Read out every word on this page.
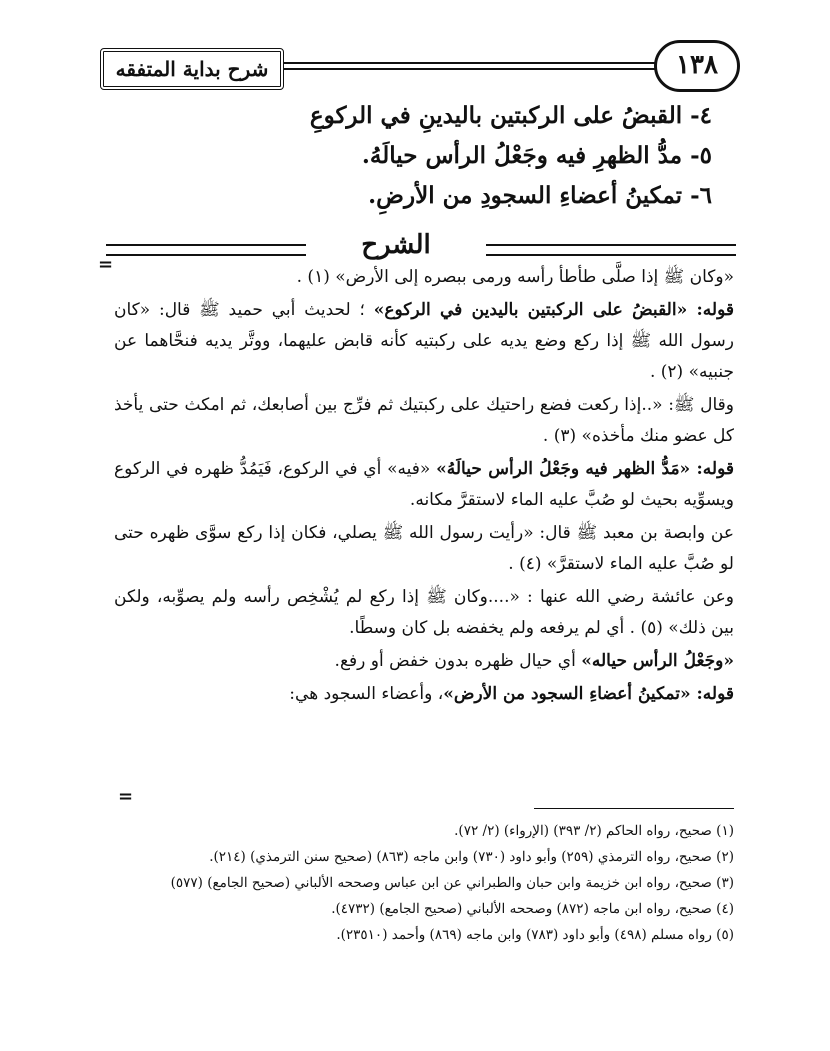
١٣٨
شرح بداية المتفقه
٤- القبضُ على الركبتين باليدينِ في الركوعِ
٥- مدُّ الظهرِ فيه وجَعْلُ الرأس حيالَهُ.
٦- تمكينُ أعضاءِ السجودِ من الأرضِ.
الشرح
=

«وكان ﷺ إذا صلَّى طأطأ رأسه ورمى ببصره إلى الأرض» (١) .

قوله: «القبضُ على الركبتين باليدين في الركوع» ؛ لحديث أبي حميد ﷺ قال: «كان رسول الله ﷺ إذا ركع وضع يديه على ركبتيه كأنه قابض عليهما، ووتَّر يديه فنحَّاهما عن جنبيه» (٢) .

وقال ﷺ: «..إذا ركعت فضع راحتيك على ركبتيك ثم فرِّج بين أصابعك، ثم امكث حتى يأخذ كل عضو منك مأخذه» (٣) .

قوله: «مَدُّ الظهر فيه وجَعْلُ الرأس حيالَهُ» «فيه» أي في الركوع، فَيَمُدُّ ظهره في الركوع ويسوِّيه بحيث لو صُبَّ عليه الماء لاستقرَّ مكانه.

عن وابصة بن معبد ﷺ قال: «رأيت رسول الله ﷺ يصلي، فكان إذا ركع سوَّى ظهره حتى لو صُبَّ عليه الماء لاستقرَّ» (٤) .

وعن عائشة رضي الله عنها : «....وكان ﷺ إذا ركع لم يُشْخِص رأسه ولم يصوِّبه، ولكن بين ذلك» (٥) . أي لم يرفعه ولم يخفضه بل كان وسطًا.

«وجَعْلُ الرأس حياله» أي حيال ظهره بدون خفض أو رفع.

قوله: «تمكينُ أعضاءِ السجود من الأرض»، وأعضاء السجود هي:

=

(١) صحيح، رواه الحاكم (٢/ ٣٩٣) (الإرواء) (٢/ ٧٢).

(٢) صحيح، رواه الترمذي (٢٥٩) وأبو داود (٧٣٠) وابن ماجه (٨٦٣) (صحيح سنن الترمذي) (٢١٤).

(٣) صحيح، رواه ابن خزيمة وابن حبان والطبراني عن ابن عباس وصححه الألباني (صحيح الجامع) (٥٧٧)

(٤) صحيح، رواه ابن ماجه (٨٧٢) وصححه الألباني (صحيح الجامع) (٤٧٣٢).

(٥) رواه مسلم (٤٩٨) وأبو داود (٧٨٣) وابن ماجه (٨٦٩) وأحمد (٢٣٥١٠).
